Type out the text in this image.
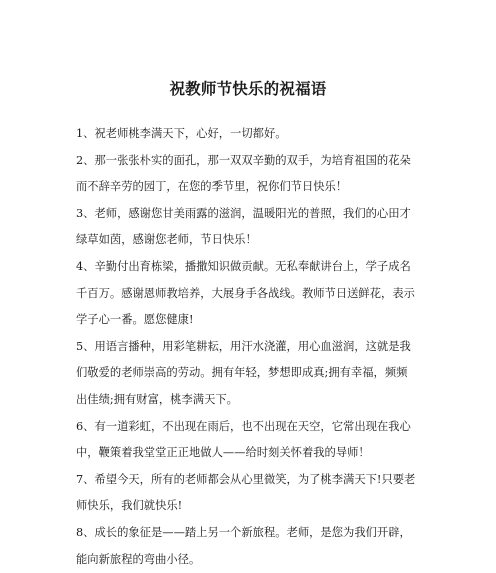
祝教师节快乐的祝福语

1、祝老师桃李满天下，心好，一切都好。

2、那一张张朴实的面孔，那一双双辛勤的双手，为培育祖国的花朵
而不辞辛劳的园丁，在您的季节里，祝你们节日快乐！

3、老师，感谢您甘美雨露的滋润，温暖阳光的普照，我们的心田才
绿草如茵，感谢您老师，节日快乐！

4、辛勤付出育栋梁，播撒知识做贡献。无私奉献讲台上，学子成名
千百万。感谢恩师教培养，大展身手各战线。教师节日送鲜花，表示
学子心一番。愿您健康!

5、用语言播种，用彩笔耕耘，用汗水浇灌，用心血滋润，这就是我
们敬爱的老师崇高的劳动。拥有年轻，梦想即成真;拥有幸福，频频
出佳绩;拥有财富，桃李满天下。

6、有一道彩虹，不出现在雨后，也不出现在天空，它常出现在我心
中，鞭策着我堂堂正正地做人——给时刻关怀着我的导师！

7、希望今天，所有的老师都会从心里微笑，为了桃李满天下!只要老
师快乐，我们就快乐!

8、成长的象征是——踏上另一个新旅程。老师，是您为我们开辟，
能向新旅程的弯曲小径。
